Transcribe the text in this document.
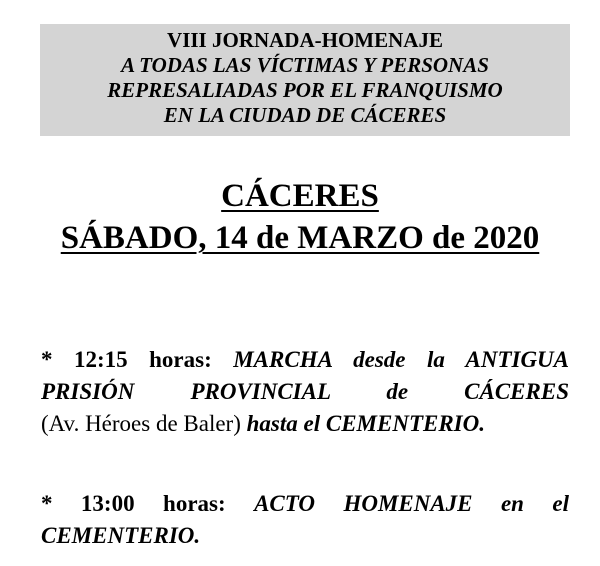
VIII JORNADA-HOMENAJE
A TODAS LAS VÍCTIMAS Y PERSONAS
REPRESALIADAS POR EL FRANQUISMO
EN LA CIUDAD DE CÁCERES
CÁCERES
SÁBADO, 14 de MARZO de 2020
* 12:15 horas: MARCHA desde la ANTIGUA
PRISIÓN PROVINCIAL de CÁCERES
(Av. Héroes de Baler) hasta el CEMENTERIO.
* 13:00 horas: ACTO HOMENAJE en el
CEMENTERIO.
